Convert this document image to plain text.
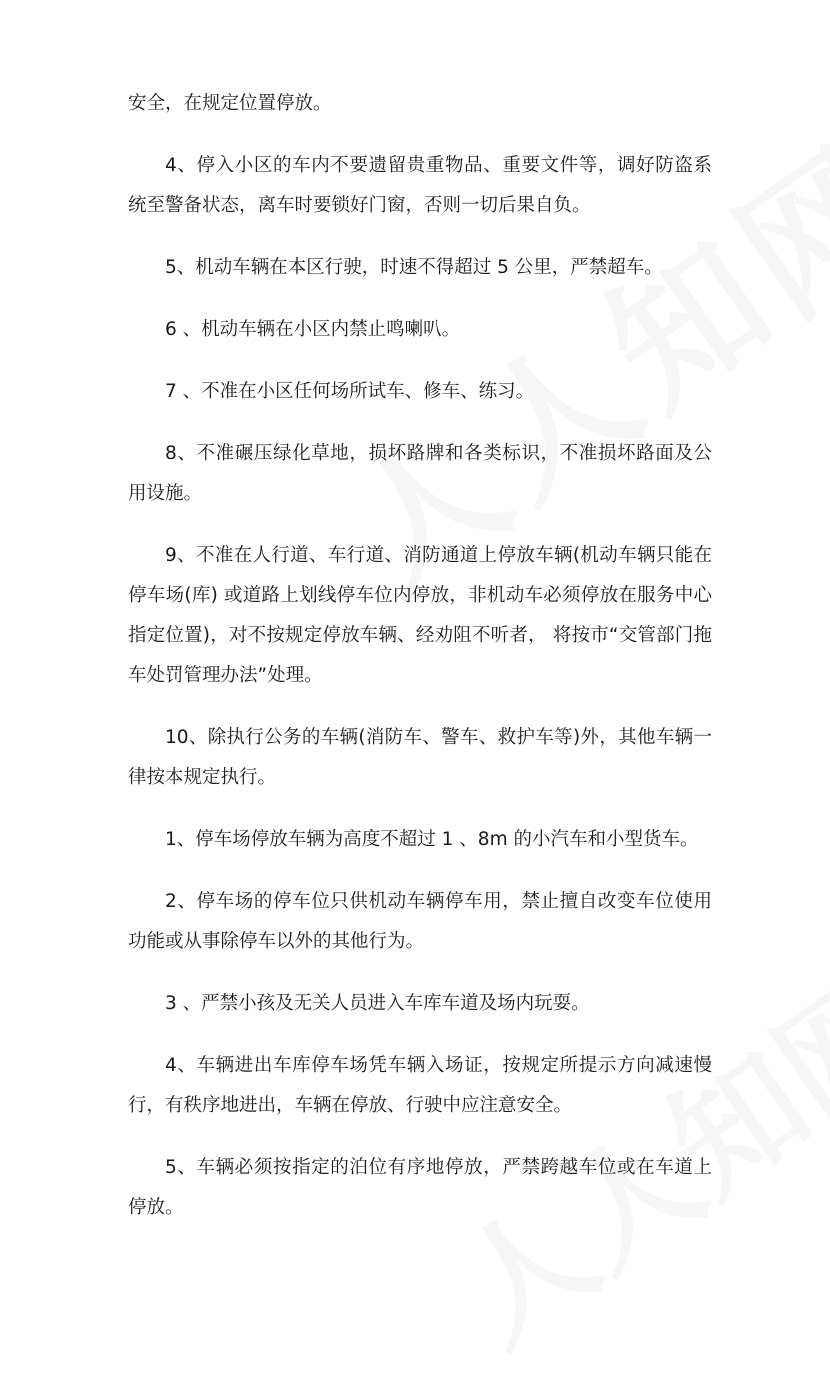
安全，在规定位置停放。

4、停入小区的车内不要遗留贵重物品、重要文件等，调好防盗系统至警备状态，离车时要锁好门窗，否则一切后果自负。

5、机动车辆在本区行驶，时速不得超过 5 公里，严禁超车。

6 、机动车辆在小区内禁止鸣喇叭。

7 、不准在小区任何场所试车、修车、练习。

8、不准碾压绿化草地，损坏路牌和各类标识，不准损坏路面及公用设施。

9、不准在人行道、车行道、消防通道上停放车辆(机动车辆只能在停车场(库) 或道路上划线停车位内停放，非机动车必须停放在服务中心指定位置)，对不按规定停放车辆、经劝阻不听者， 将按市“交管部门拖车处罚管理办法”处理。

10、除执行公务的车辆(消防车、警车、救护车等)外，其他车辆一律按本规定执行。

1、停车场停放车辆为高度不超过 1 、8m 的小汽车和小型货车。

2、停车场的停车位只供机动车辆停车用，禁止擅自改变车位使用功能或从事除停车以外的其他行为。

3 、严禁小孩及无关人员进入车库车道及场内玩耍。

4、车辆进出车库停车场凭车辆入场证，按规定所提示方向减速慢行，有秩序地进出，车辆在停放、行驶中应注意安全。

5、车辆必须按指定的泊位有序地停放，严禁跨越车位或在车道上停放。
